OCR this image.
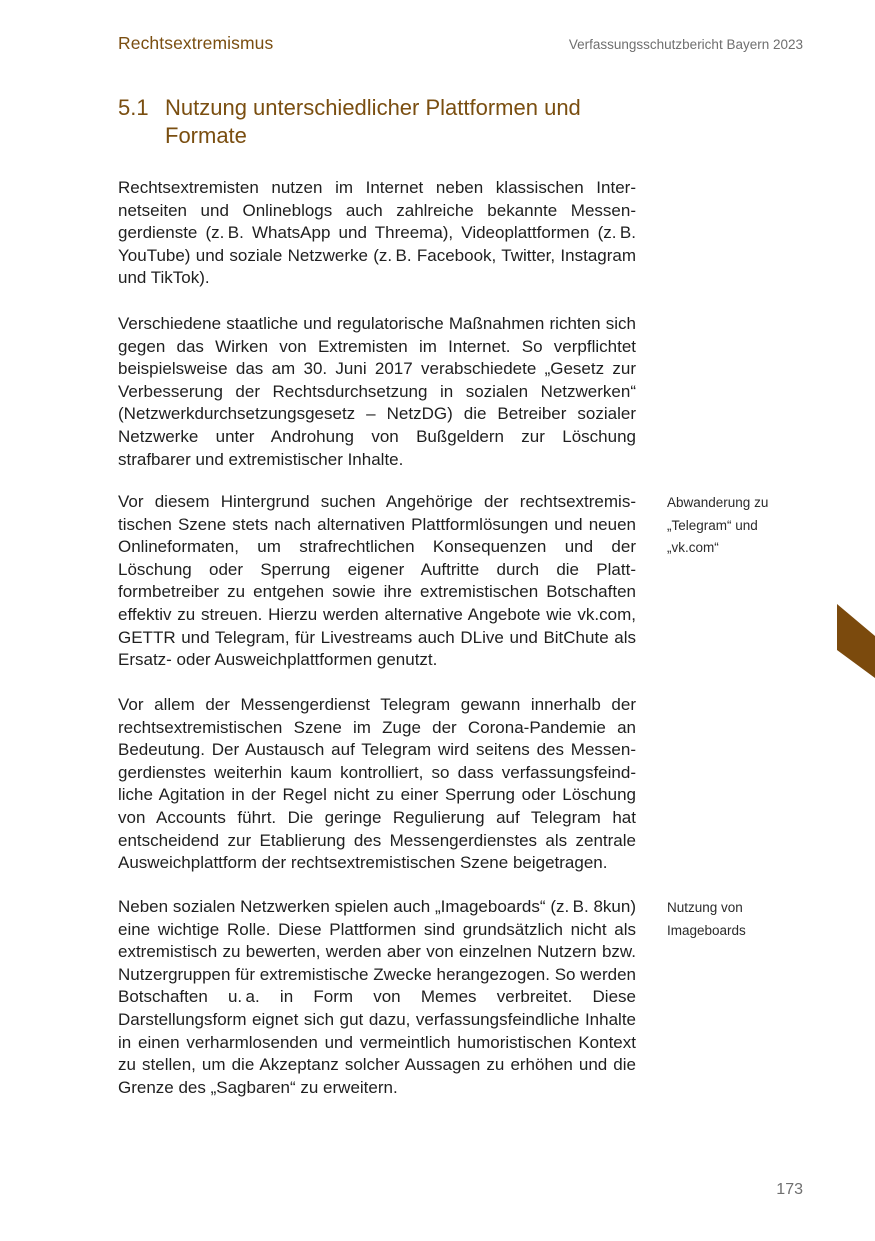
Rechtsextremismus	Verfassungsschutzbericht Bayern 2023
5.1 Nutzung unterschiedlicher Plattformen und Formate

Rechtsextremisten nutzen im Internet neben klassischen Internetseiten und Onlineblogs auch zahlreiche bekannte Messengerdienste (z. B. WhatsApp und Threema), Videoplattformen (z. B. YouTube) und soziale Netzwerke (z. B. Facebook, Twitter, Instagram und TikTok).

Verschiedene staatliche und regulatorische Maßnahmen richten sich gegen das Wirken von Extremisten im Internet. So verpflichtet beispielsweise das am 30. Juni 2017 verabschiedete „Gesetz zur Verbesserung der Rechtsdurchsetzung in sozialen Netzwerken“ (Netzwerkdurchsetzungsgesetz – NetzDG) die Betreiber sozialer Netzwerke unter Androhung von Bußgeldern zur Löschung strafbarer und extremistischer Inhalte.

Vor diesem Hintergrund suchen Angehörige der rechtsextremistischen Szene stets nach alternativen Plattformlösungen und neuen Onlineformaten, um strafrechtlichen Konsequenzen und der Löschung oder Sperrung eigener Auftritte durch die Plattformbetreiber zu entgehen sowie ihre extremistischen Botschaften effektiv zu streuen. Hierzu werden alternative Angebote wie vk.com, GETTR und Telegram, für Livestreams auch DLive und BitChute als Ersatz- oder Ausweichplattformen genutzt.

Vor allem der Messengerdienst Telegram gewann innerhalb der rechtsextremistischen Szene im Zuge der Corona-Pandemie an Bedeutung. Der Austausch auf Telegram wird seitens des Messengerdienstes weiterhin kaum kontrolliert, so dass verfassungsfeindliche Agitation in der Regel nicht zu einer Sperrung oder Löschung von Accounts führt. Die geringe Regulierung auf Telegram hat entscheidend zur Etablierung des Messengerdienstes als zentrale Ausweichplattform der rechtsextremistischen Szene beigetragen.

Neben sozialen Netzwerken spielen auch „Imageboards“ (z. B. 8kun) eine wichtige Rolle. Diese Plattformen sind grundsätzlich nicht als extremistisch zu bewerten, werden aber von einzelnen Nutzern bzw. Nutzergruppen für extremistische Zwecke herangezogen. So werden Botschaften u. a. in Form von Memes verbreitet. Diese Darstellungsform eignet sich gut dazu, verfassungsfeindliche Inhalte in einen verharmlosenden und vermeintlich humoristischen Kontext zu stellen, um die Akzeptanz solcher Aussagen zu erhöhen und die Grenze des „Sagbaren“ zu erweitern.

Abwanderung zu
„Telegram“ und
„vk.com“
Nutzung von
Imageboards
173
